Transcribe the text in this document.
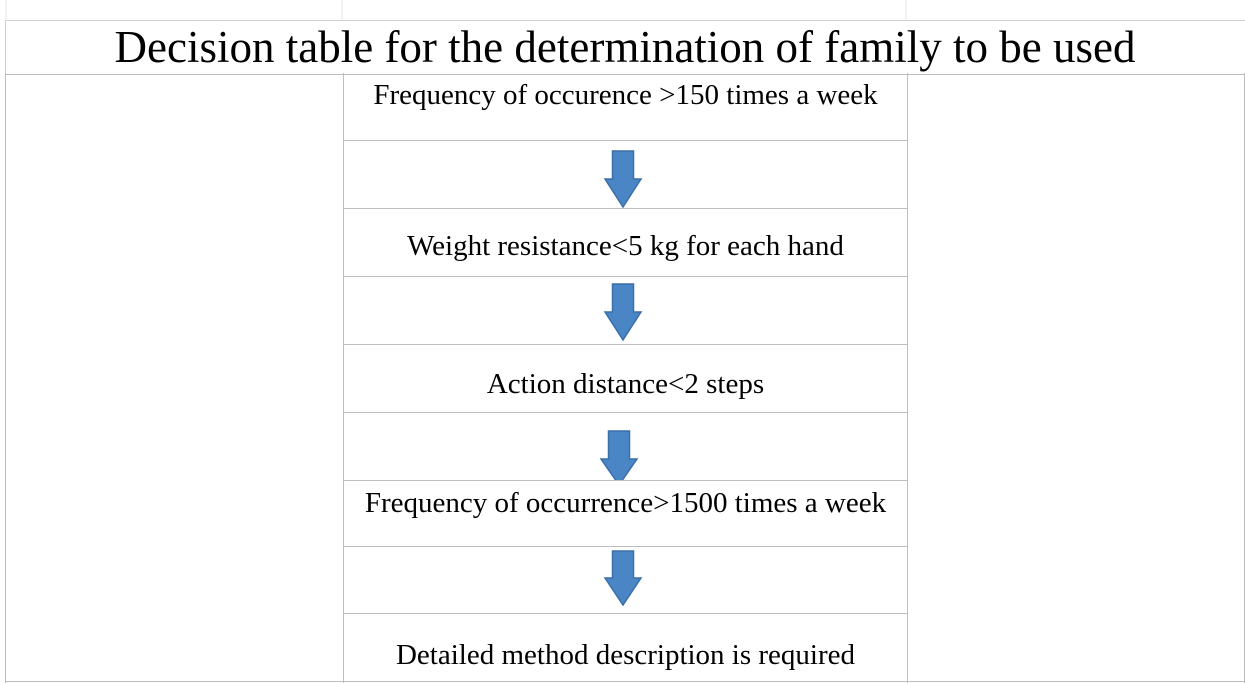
Decision table for the determination of family to be used
Frequency of occurence >150 times a week
Weight resistance<5 kg for each hand
Action distance<2 steps
Frequency of occurrence>1500 times a week
Detailed method description is required
